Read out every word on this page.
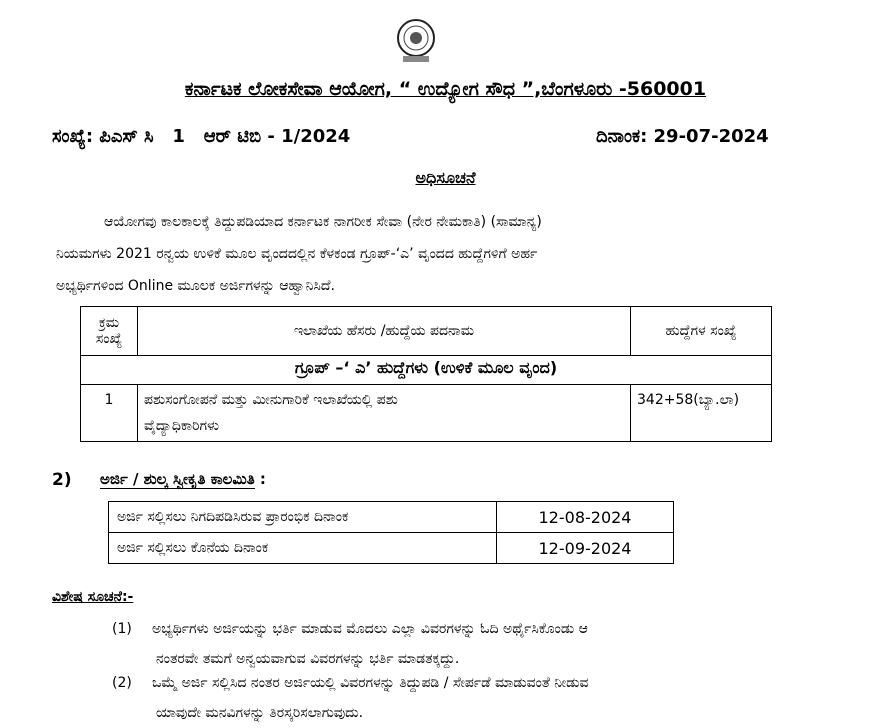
ಕರ್ನಾಟಕ ಲೋಕಸೇವಾ ಆಯೋಗ, “ ಉದ್ಯೋಗ ಸೌಧ ”,ಬೆಂಗಳೂರು -560001
ಸಂಖ್ಯೆ: ಪಿಎಸ್ ಸಿ   1   ಆರ್ ಟಿಬಿ - 1/2024	ದಿನಾಂಕ: 29-07-2024
ಅಧಿಸೂಚನೆ
ಆಯೋಗವು ಕಾಲಕಾಲಕ್ಕೆ ತಿದ್ದುಪಡಿಯಾದ ಕರ್ನಾಟಕ ನಾಗರೀಕ ಸೇವಾ (ನೇರ ನೇಮಕಾತಿ) (ಸಾಮಾನ್ಯ)
ನಿಯಮಗಳು 2021 ರನ್ವಯ ಉಳಿಕೆ ಮೂಲ ವೃಂದದಲ್ಲಿನ ಕೆಳಕಂಡ ಗ್ರೂಪ್-‘ಎ’ ವೃಂದದ ಹುದ್ದೆಗಳಿಗೆ ಅರ್ಹ
ಅಭ್ಯರ್ಥಿಗಳಿಂದ Online ಮೂಲಕ ಅರ್ಜಿಗಳನ್ನು ಆಹ್ವಾನಿಸಿದೆ.
ಕ್ರಮ ಸಂಖ್ಯೆ	ಇಲಾಖೆಯ ಹೆಸರು /ಹುದ್ದೆಯ ಪದನಾಮ	ಹುದ್ದೆಗಳ ಸಂಖ್ಯೆ
ಗ್ರೂಪ್ –‘ ಎ’ ಹುದ್ದೆಗಳು (ಉಳಿಕೆ ಮೂಲ ವೃಂದ)		
1	ಪಶುಸಂಗೋಪನೆ ಮತ್ತು ಮೀನುಗಾರಿಕೆ ಇಲಾಖೆಯಲ್ಲಿ ಪಶು
ವೈದ್ಯಾಧಿಕಾರಿಗಳು	342+58(ಬ್ಯಾ.ಲಾ)
2) ಅರ್ಜಿ / ಶುಲ್ಕ ಸ್ವೀಕೃತಿ ಕಾಲಮಿತಿ :
ಅರ್ಜಿ ಸಲ್ಲಿಸಲು ನಿಗದಿಪಡಿಸಿರುವ ಪ್ರಾರಂಭಿಕ ದಿನಾಂಕ	12-08-2024
ಅರ್ಜಿ ಸಲ್ಲಿಸಲು ಕೊನೆಯ ದಿನಾಂಕ	12-09-2024
ವಿಶೇಷ ಸೂಚನೆ:-
(1) ಅಭ್ಯರ್ಥಿಗಳು ಅರ್ಜಿಯನ್ನು ಭರ್ತಿ ಮಾಡುವ ಮೊದಲು ಎಲ್ಲಾ ವಿವರಗಳನ್ನು ಓದಿ ಅರ್ಥೈಸಿಕೊಂಡು ಆ
ನಂತರವೇ ತಮಗೆ ಅನ್ವಯವಾಗುವ ವಿವರಗಳನ್ನು ಭರ್ತಿ ಮಾಡತಕ್ಕದ್ದು.
(2) ಒಮ್ಮೆ ಅರ್ಜಿ ಸಲ್ಲಿಸಿದ ನಂತರ ಅರ್ಜಿಯಲ್ಲಿ ವಿವರಗಳನ್ನು ತಿದ್ದುಪಡಿ / ಸೇರ್ಪಡೆ ಮಾಡುವಂತೆ ನೀಡುವ
ಯಾವುದೇ ಮನವಿಗಳನ್ನು ತಿರಸ್ಕರಿಸಲಾಗುವುದು.
